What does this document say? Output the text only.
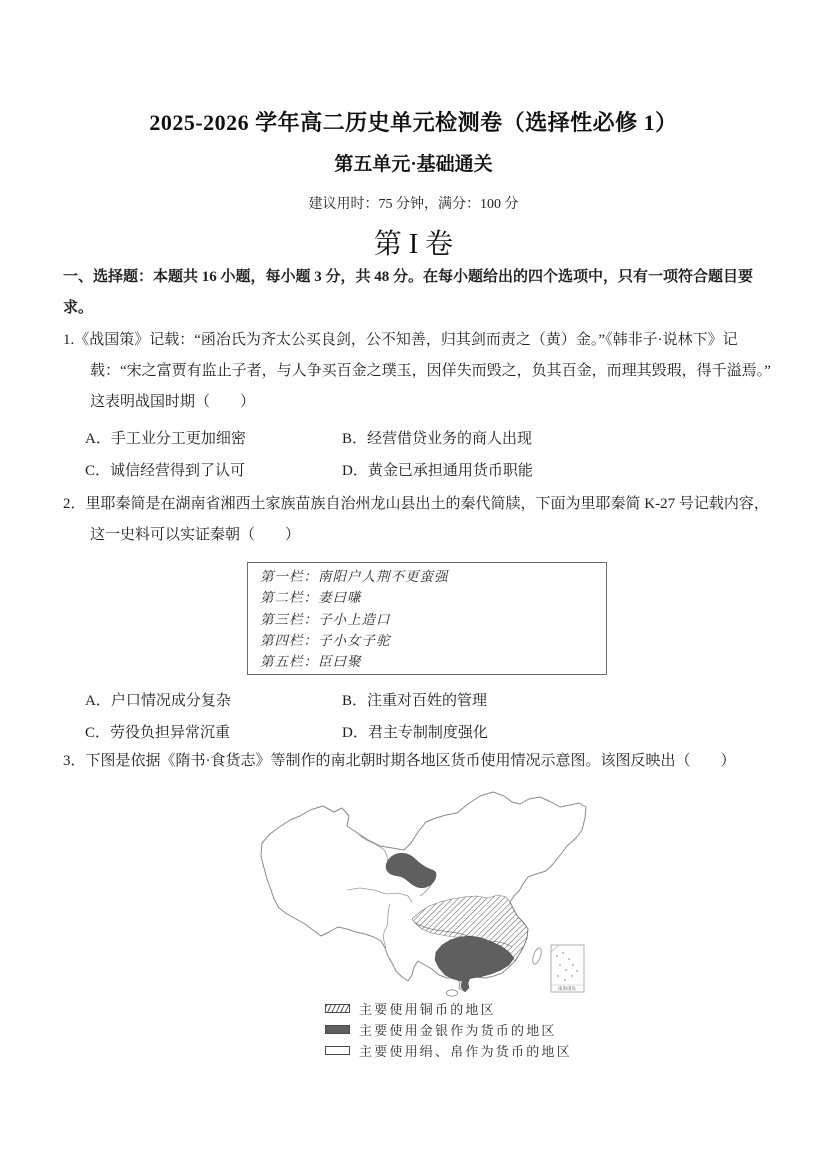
2025-2026 学年高二历史单元检测卷（选择性必修 1）
第五单元·基础通关
建议用时：75 分钟，满分：100 分
第 I 卷
一、选择题：本题共 16 小题，每小题 3 分，共 48 分。在每小题给出的四个选项中，只有一项符合题目要
求。
1.《战国策》记载：“函冶氏为齐太公买良剑，公不知善，归其剑而责之（黄）金。”《韩非子·说林下》记
载：“宋之富贾有监止子者，与人争买百金之璞玉，因佯失而毁之，负其百金，而理其毁瑕，得千溢焉。”
这表明战国时期（　　）
A．手工业分工更加细密	B．经营借贷业务的商人出现
C．诚信经营得到了认可	D．黄金已承担通用货币职能
2．里耶秦简是在湖南省湘西土家族苗族自治州龙山县出土的秦代简牍，下面为里耶秦简 K-27 号记载内容，
这一史料可以实证秦朝（　　）
第一栏：南阳户人荆不更蛮强
第二栏：妻曰嗛
第三栏：子小上造口
第四栏：子小女子驼
第五栏：臣曰聚
A．户口情况成分复杂	B．注重对百姓的管理
C．劳役负担异常沉重	D．君主专制制度强化
3．下图是依据《隋书·食货志》等制作的南北朝时期各地区货币使用情况示意图。该图反映出（　　）
南海诸岛
主要使用铜币的地区
主要使用金银作为货币的地区
主要使用绢、帛作为货币的地区
